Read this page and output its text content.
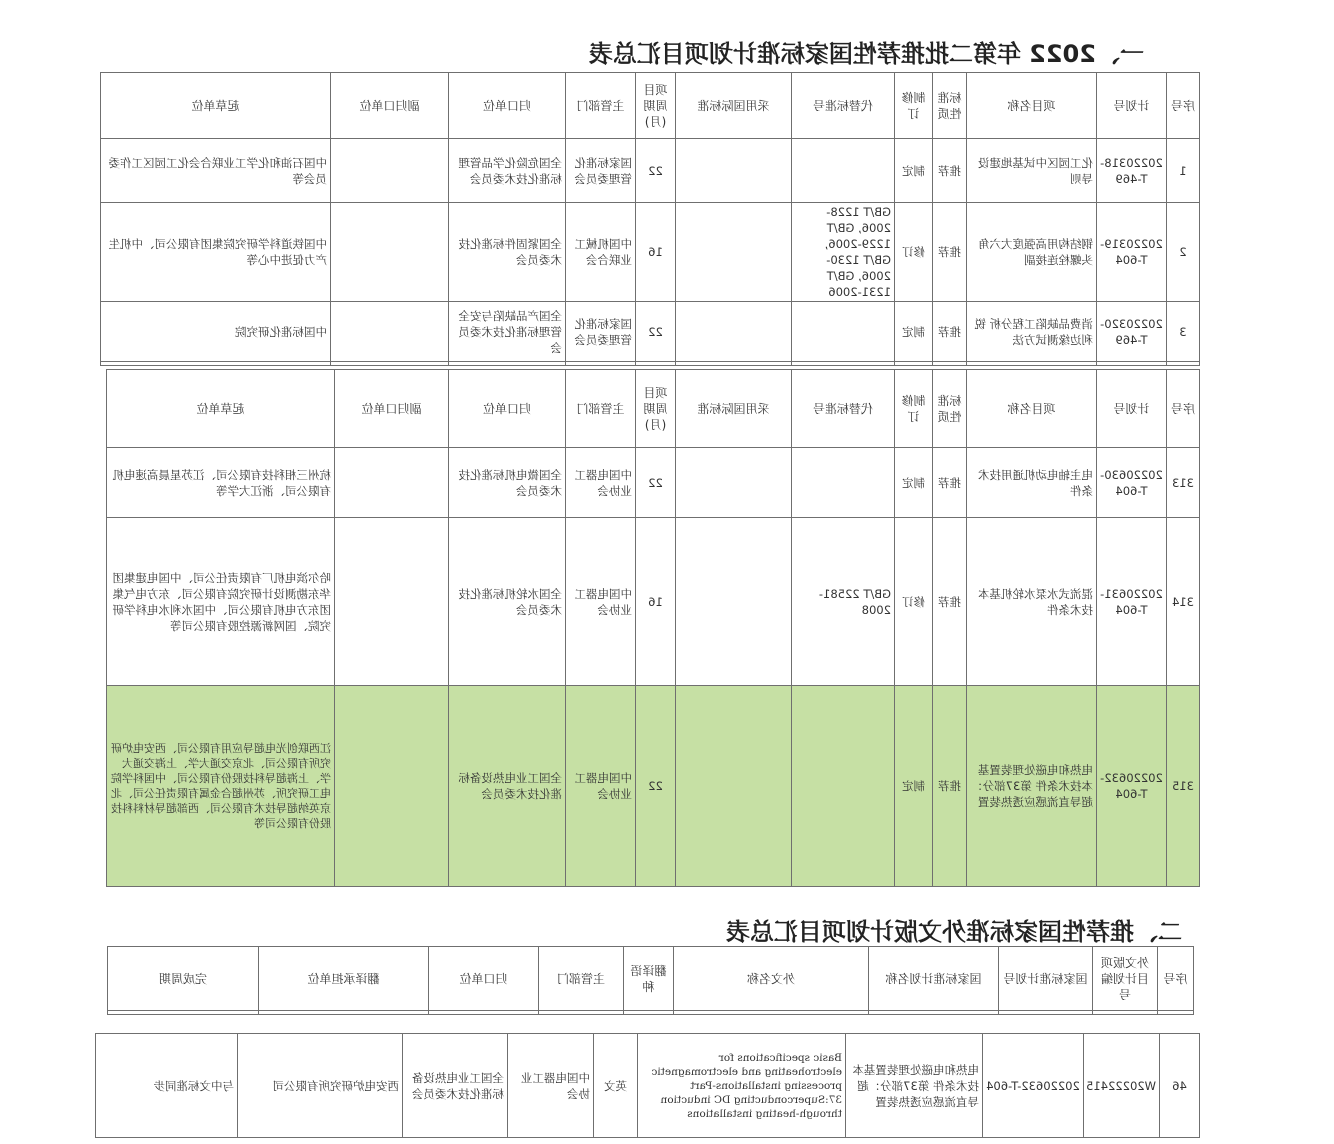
一、2022 年第二批推荐性国家标准计划项目汇总表
序号	计划号	项目名称	标准性质	制修订	代替标准号	采用国际标准	项目周期(月)	主管部门	归口单位	副归口单位	起草单位
1	20220318-T-469	化工园区中试基地建设导则	推荐	制定			22	国家标准化管理委员会	全国危险化学品管理标准化技术委员会		中国石油和化学工业联合会化工园区工作委员会等
2	20220319-T-604	钢结构用高强度大六角头螺栓连接副	推荐	修订	GB/T 1228-2006, GB/T 1229-2006, GB/T 1230-2006, GB/T 1231-2006		16	中国机械工业联合会	全国紧固件标准化技术委员会		中国铁道科学研究院集团有限公司、中机生产力促进中心等
3	20220320-T-469	消费品缺陷工程分析 锐利边缘测试方法	推荐	制定			22	国家标准化管理委员会	全国产品缺陷与安全管理标准化技术委员会		中国标准化研究院

序号	计划号	项目名称	标准性质	制修订	代替标准号	采用国际标准	项目周期(月)	主管部门	归口单位	副归口单位	起草单位
313	20220630-T-604	电主轴电动机通用技术条件	推荐	制定			22	中国电器工业协会	全国微电机标准化技术委员会		杭州三相科技有限公司、江苏星晨高速电机有限公司、浙江大学等
314	20220631-T-604	混流式水泵水轮机基本技术条件	推荐	修订	GB/T 22581-2008		16	中国电器工业协会	全国水轮机标准化技术委员会		哈尔滨电机厂有限责任公司、中国电建集团华东勘测设计研究院有限公司、东方电气集团东方电机有限公司、中国水利水电科学研究院、国网新源控股有限公司等
315	20220632-T-604	电热和电磁处理装置基本技术条件 第37部分：超导直流感应透热装置	推荐	制定			22	中国电器工业协会	全国工业电热设备标准化技术委员会		江西联创光电超导应用有限公司、西安电炉研究所有限公司、北京交通大学、上海交通大学、上海超导科技股份有限公司、中国科学院电工研究所、苏州超合金属有限责任公司、北京英纳超导技术有限公司、西部超导材料科技股份有限公司等
二、推荐性国家标准外文版计划项目汇总表
序号	外文版项目计划编号	国家标准计划号	国家标准计划名称	外文名称	翻译语种	主管部门	归口单位	翻译承担单位	完成周期

46	W20222415	20220632-T-604	电热和电磁处理装置基本技术条件 第37部分：超导直流感应透热装置	Basic specifications for electroheating and electromagnetic processing installations-Part 37:Superconducting DC induction through-heating installations	英文	中国电器工业协会	全国工业电热设备标准化技术委员会	西安电炉研究所有限公司	与中文标准同步
